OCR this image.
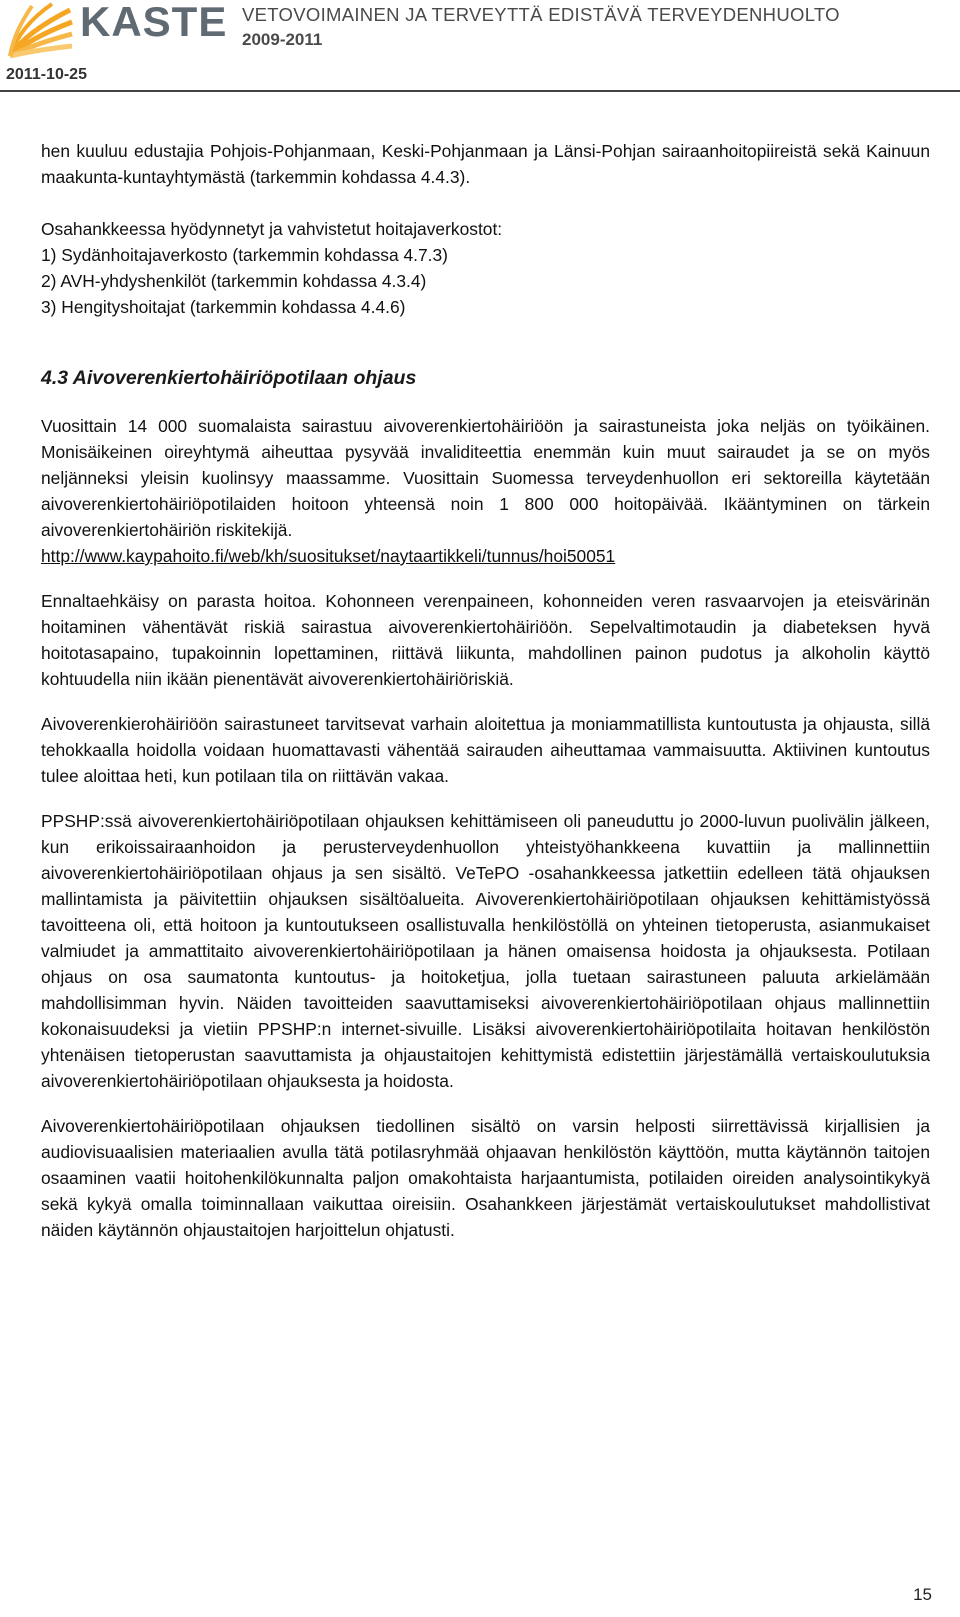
KASTE VETOVOIMAINEN JA TERVEYTTÄ EDISTÄVÄ TERVEYDENHUOLTO
2009-2011
2011-10-25

hen kuuluu edustajia Pohjois-Pohjanmaan, Keski-Pohjanmaan ja Länsi-Pohjan sairaanhoitopiireistä sekä Kainuun maakunta-kuntayhtymästä (tarkemmin kohdassa 4.4.3).

Osahankkeessa hyödynnetyt ja vahvistetut hoitajaverkostot:

1) Sydänhoitajaverkosto (tarkemmin kohdassa 4.7.3)
2) AVH-yhdyshenkilöt (tarkemmin kohdassa 4.3.4)
3) Hengityshoitajat (tarkemmin kohdassa 4.4.6)
4.3 Aivoverenkiertohäiriöpotilaan ohjaus

Vuosittain 14 000 suomalaista sairastuu aivoverenkiertohäiriöön ja sairastuneista joka neljäs on työikäinen. Monisäikeinen oireyhtymä aiheuttaa pysyvää invaliditeettia enemmän kuin muut sairaudet ja se on myös neljänneksi yleisin kuolinsyy maassamme. Vuosittain Suomessa terveydenhuollon eri sektoreilla käytetään aivoverenkiertohäiriöpotilaiden hoitoon yhteensä noin 1 800 000 hoitopäivää. Ikääntyminen on tärkein aivoverenkiertohäiriön riskitekijä.

http://www.kaypahoito.fi/web/kh/suositukset/naytaartikkeli/tunnus/hoi50051

Ennaltaehkäisy on parasta hoitoa. Kohonneen verenpaineen, kohonneiden veren rasvaarvojen ja eteisvärinän hoitaminen vähentävät riskiä sairastua aivoverenkiertohäiriöön. Sepelvaltimotaudin ja diabeteksen hyvä hoitotasapaino, tupakoinnin lopettaminen, riittävä liikunta, mahdollinen painon pudotus ja alkoholin käyttö kohtuudella niin ikään pienentävät aivoverenkiertohäiriöriskiä.

Aivoverenkierohäiriöön sairastuneet tarvitsevat varhain aloitettua ja moniammatillista kuntoutusta ja ohjausta, sillä tehokkaalla hoidolla voidaan huomattavasti vähentää sairauden aiheuttamaa vammaisuutta. Aktiivinen kuntoutus tulee aloittaa heti, kun potilaan tila on riittävän vakaa.

PPSHP:ssä aivoverenkiertohäiriöpotilaan ohjauksen kehittämiseen oli paneuduttu jo 2000-luvun puolivälin jälkeen, kun erikoissairaanhoidon ja perusterveydenhuollon yhteistyöhankkeena kuvattiin ja mallinnettiin aivoverenkiertohäiriöpotilaan ohjaus ja sen sisältö. VeTePO -osahankkeessa jatkettiin edelleen tätä ohjauksen mallintamista ja päivitettiin ohjauksen sisältöalueita. Aivoverenkiertohäiriöpotilaan ohjauksen kehittämistyössä tavoitteena oli, että hoitoon ja kuntoutukseen osallistuvalla henkilöstöllä on yhteinen tietoperusta, asianmukaiset valmiudet ja ammattitaito aivoverenkiertohäiriöpotilaan ja hänen omaisensa hoidosta ja ohjauksesta. Potilaan ohjaus on osa saumatonta kuntoutus- ja hoitoketjua, jolla tuetaan sairastuneen paluuta arkielämään mahdollisimman hyvin. Näiden tavoitteiden saavuttamiseksi aivoverenkiertohäiriöpotilaan ohjaus mallinnettiin kokonaisuudeksi ja vietiin PPSHP:n internet-sivuille. Lisäksi aivoverenkiertohäiriöpotilaita hoitavan henkilöstön yhtenäisen tietoperustan saavuttamista ja ohjaustaitojen kehittymistä edistettiin järjestämällä vertaiskoulutuksia aivoverenkiertohäiriöpotilaan ohjauksesta ja hoidosta.

Aivoverenkiertohäiriöpotilaan ohjauksen tiedollinen sisältö on varsin helposti siirrettävissä kirjallisien ja audiovisuaalisien materiaalien avulla tätä potilasryhmää ohjaavan henkilöstön käyttöön, mutta käytännön taitojen osaaminen vaatii hoitohenkilökunnalta paljon omakohtaista harjaantumista, potilaiden oireiden analysointikykyä sekä kykyä omalla toiminnallaan vaikuttaa oireisiin. Osahankkeen järjestämät vertaiskoulutukset mahdollistivat näiden käytännön ohjaustaitojen harjoittelun ohjatusti.

15
